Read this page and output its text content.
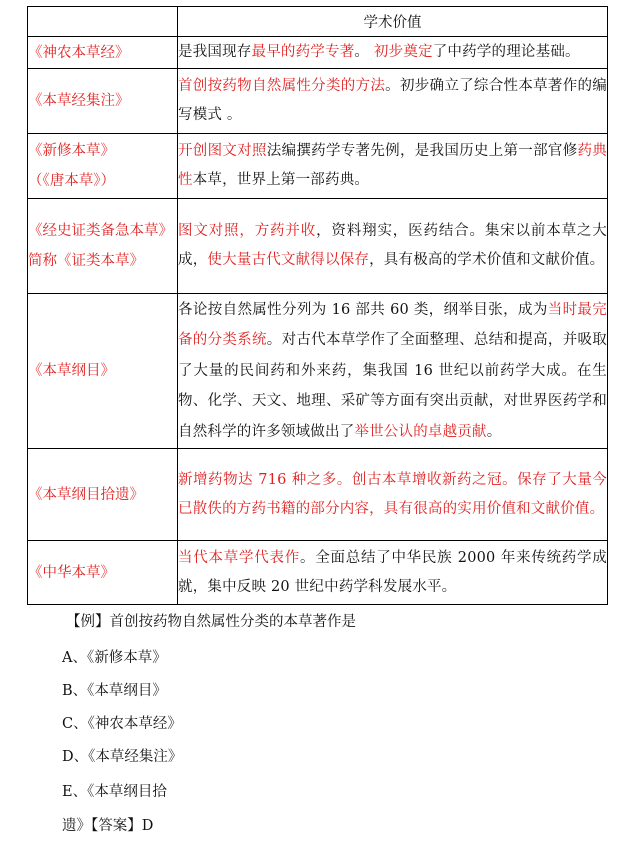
	学术价值
《神农本草经》	是我国现存最早的药学专著。 初步奠定了中药学的理论基础。
《本草经集注》	首创按药物自然属性分类的方法。初步确立了综合性本草著作的编写模式 。
《新修本草》
（《唐本草》）	开创图文对照法编撰药学专著先例，是我国历史上第一部官修药典性本草，世界上第一部药典。
《经史证类备急本草》简称《证类本草》	图文对照，方药并收，资料翔实，医药结合。集宋以前本草之大成，使大量古代文献得以保存，具有极高的学术价值和文献价值。
《本草纲目》	各论按自然属性分列为 16 部共 60 类，纲举目张，成为当时最完备的分类系统。对古代本草学作了全面整理、总结和提高，并吸取了大量的民间药和外来药，集我国 16 世纪以前药学大成。在生物、化学、天文、地理、采矿等方面有突出贡献，对世界医药学和自然科学的许多领域做出了举世公认的卓越贡献。
《本草纲目拾遗》	新增药物达 716 种之多。创古本草增收新药之冠。保存了大量今已散佚的方药书籍的部分内容，具有很高的实用价值和文献价值。
《中华本草》	当代本草学代表作。全面总结了中华民族 2000 年来传统药学成就，集中反映 20 世纪中药学科发展水平。
【例】首创按药物自然属性分类的本草著作是
A、《新修本草》
B、《本草纲目》
C、《神农本草经》
D、《本草经集注》
E、《本草纲目拾
遗》【答案】D
